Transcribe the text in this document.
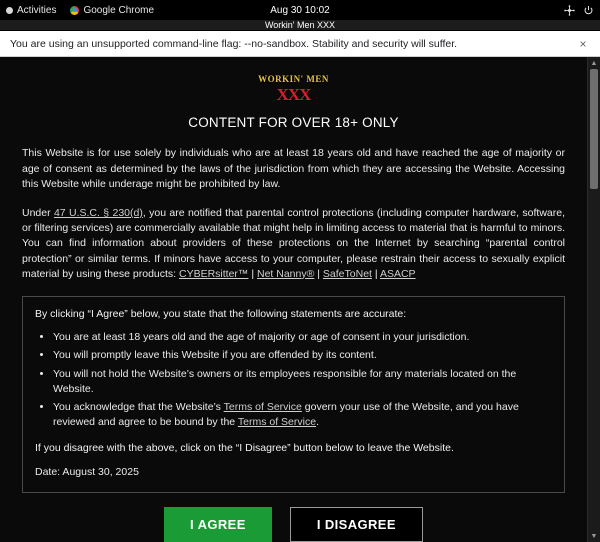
Activities	Google Chrome	Aug 30 10:02
Workin' Men XXX
You are using an unsupported command-line flag: --no-sandbox. Stability and security will suffer.	×
WORKIN' MEN
XXX
CONTENT FOR OVER 18+ ONLY

This Website is for use solely by individuals who are at least 18 years old and have reached the age of majority or age of consent as determined by the laws of the jurisdiction from which they are accessing the Website. Accessing this Website while underage might be prohibited by law.

Under 47 U.S.C. § 230(d), you are notified that parental control protections (including computer hardware, software, or filtering services) are commercially available that might help in limiting access to material that is harmful to minors. You can find information about providers of these protections on the Internet by searching “parental control protection” or similar terms. If minors have access to your computer, please restrain their access to sexually explicit material by using these products: CYBERsitter™ | Net Nanny® | SafeToNet | ASACP

By clicking “I Agree” below, you state that the following statements are accurate:

• You are at least 18 years old and the age of majority or age of consent in your jurisdiction.
• You will promptly leave this Website if you are offended by its content.
• You will not hold the Website’s owners or its employees responsible for any materials located on the Website.
• You acknowledge that the Website’s Terms of Service govern your use of the Website, and you have reviewed and agree to be bound by the Terms of Service.

If you disagree with the above, click on the “I Disagree” button below to leave the Website.

Date: August 30, 2025

I AGREE	I DISAGREE
▲
▼
